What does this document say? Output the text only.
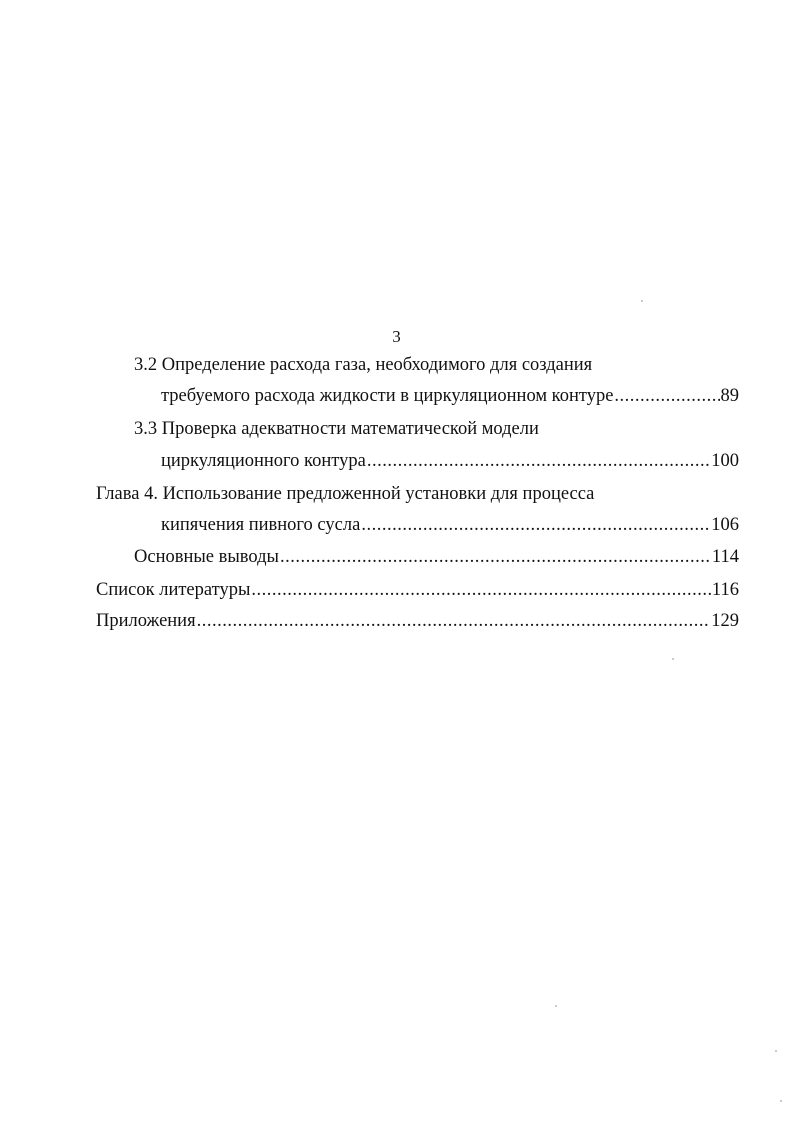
3
3.2 Определение расхода газа, необходимого для создания
требуемого расхода жидкости в циркуляционном контуре .....	89
3.3 Проверка адекватности математической модели
циркуляционного контура .....	100
Глава 4. Использование предложенной установки для процесса
кипячения пивного сусла .....	106
Основные выводы .....	114
Список литературы .....	116
Приложения .....	129
